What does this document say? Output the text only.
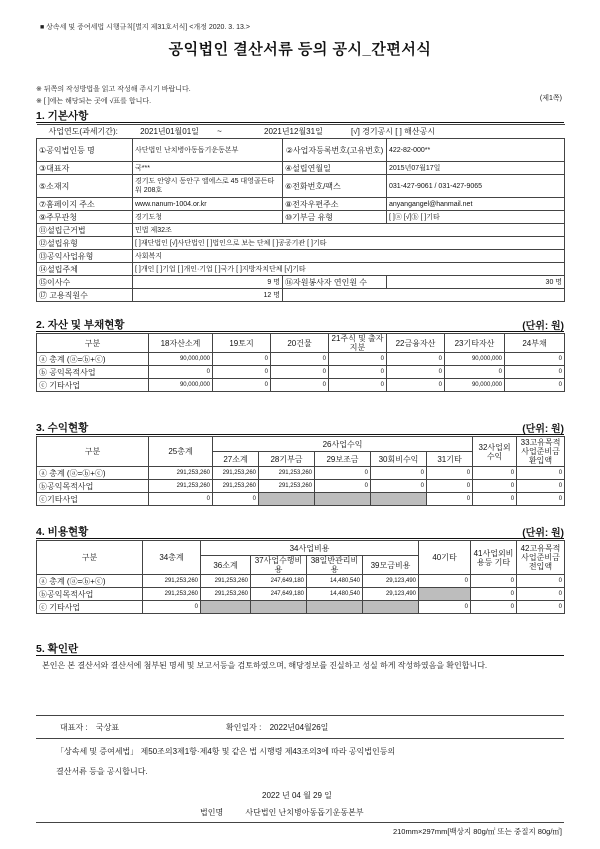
■ 상속세 및 증여세법 시행규칙[별지 제31호서식] <개정 2020. 3. 13.>
공익법인 결산서류 등의 공시_간편서식
※ 뒤쪽의 작성방법을 읽고 작성해 주시기 바랍니다.
※ [ ]에는 해당되는 곳에 √표를 합니다.	(제1쪽)
1. 기본사항
사업연도(과세기간): 2021년01월01일 ~ 2021년12월31일 [√] 경기공시 [ ] 해산공시			
①공익법인등 명	사단법인 난치병아동돕기운동본부	②사업자등록번호(고유번호)	422-82-000**
③대표자	국***	④설립연월일	2015년07월17일
⑤소재지	경기도 안양시 동안구 엘에스로 45 대영골든타워 208호	⑥전화번호/팩스	031-427-9061 / 031-427-9065
⑦홈페이지 주소	www.nanum-1004.or.kr	⑧전자우편주소	anyangangel@hanmail.net
⑨주무관청	경기도청	⑩기부금 유형	[ ]ⓐ [√]ⓑ [ ]기타
⑪설립근거법	민법 제32조		
⑫설립유형	[ ]재단법인 [√]사단법인 [ ]법인으로 보는 단체 [ ]공공기관 [ ]기타		
⑬공익사업유형	사회복지		
⑭설립주체	[ ]개인 [ ]기업 [ ]개인·기업 [ ]국가 [ ]지방자치단체 [√]기타		
⑮이사수	9 명	⑯자원봉사자 연인원 수	30 명
⑰ 고용직원수	12 명		
2. 자산 및 부채현황	(단위: 원)
구분	18자산소계	19토지	20건물	21주식 및 출자지분	22금융자산	23기타자산	24부채

ⓐ 총계 (ⓐ=ⓑ+ⓒ)	90,000,000	0	0	0	0	90,000,000	0
ⓑ 공익목적사업	0	0	0	0	0	0	0
ⓒ 기타사업	90,000,000	0	0	0	0	90,000,000	0
3. 수익현황	(단위: 원)
구분	25총계	26사업수익					32사업외수익	33고유목적사업준비금환입액
		27소계	28기부금	29보조금	30회비수익	31기타		
ⓐ 총계 (ⓐ=ⓑ+ⓒ)	291,253,260	291,253,260	291,253,260	0	0	0	0	0
ⓑ공익목적사업	291,253,260	291,253,260	291,253,260	0	0	0	0	0
ⓒ기타사업	0	0				0	0	0
4. 비용현황	(단위: 원)
구분	34총계	34사업비용				40기타	41사업외비용등 기타	42고유목적사업준비금전입액
		36소계	37사업수행비용	38일반관리비용	39모금비용			
ⓐ 총계 (ⓐ=ⓑ+ⓒ)	291,253,260	291,253,260	247,649,180	14,480,540	29,123,490	0	0	0
ⓑ공익목적사업	291,253,260	291,253,260	247,649,180	14,480,540	29,123,490		0	0
ⓒ 기타사업	0					0	0	0
5. 확인란
본인은 본 결산서와 결산서에 첨부된 명세 및 보고서등을 검토하였으며, 해당정보를 진실하고 성실 하게 작성하였음을 확인합니다.
대표자 : 국상표	확인일자 : 2022년04월26일
「상속세 및 증여세법」 제50조의3제1항·제4항 및 같은 법 시행령 제43조의3에 따라 공익법인등의
결산서류 등을 공시합니다.
2022 년 04 월 29 일
법인명	사단법인 난치병아동돕기운동본부
210mm×297mm[백상지 80g/㎡ 또는 중질지 80g/㎡]
